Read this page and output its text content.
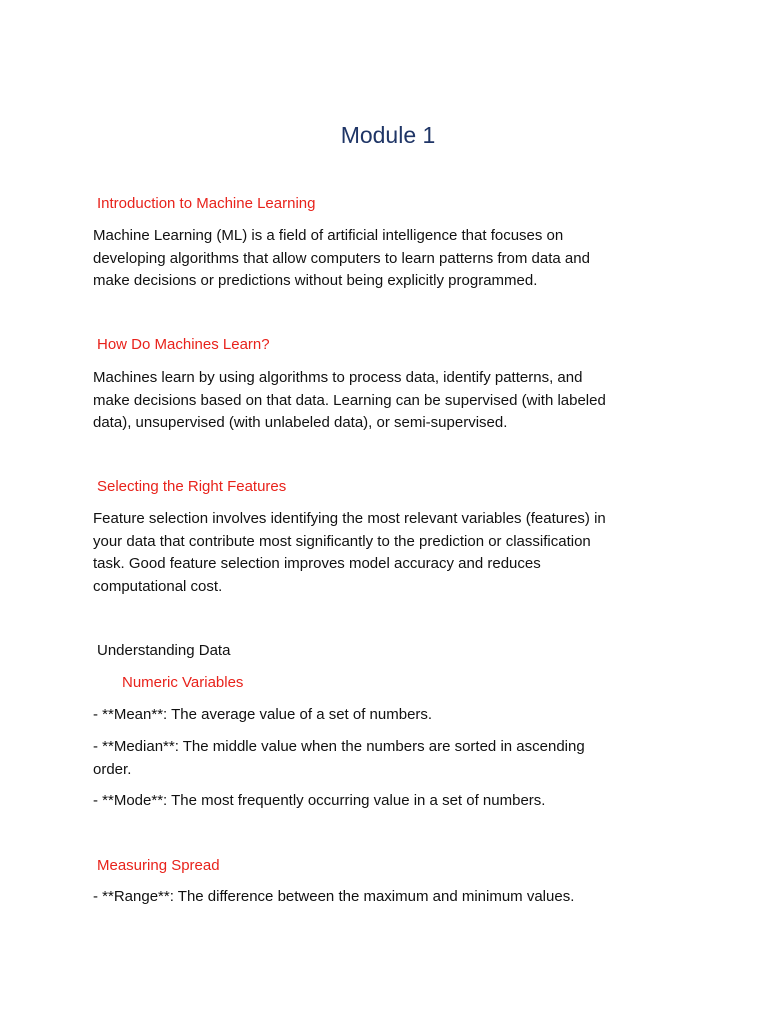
Module 1
Introduction to Machine Learning
Machine Learning (ML) is a field of artificial intelligence that focuses on
developing algorithms that allow computers to learn patterns from data and
make decisions or predictions without being explicitly programmed.
How Do Machines Learn?
Machines learn by using algorithms to process data, identify patterns, and
make decisions based on that data. Learning can be supervised (with labeled
data), unsupervised (with unlabeled data), or semi-supervised.
Selecting the Right Features
Feature selection involves identifying the most relevant variables (features) in
your data that contribute most significantly to the prediction or classification
task. Good feature selection improves model accuracy and reduces
computational cost.
Understanding Data
Numeric Variables
- **Mean**: The average value of a set of numbers.
- **Median**: The middle value when the numbers are sorted in ascending
order.
- **Mode**: The most frequently occurring value in a set of numbers.
Measuring Spread
- **Range**: The difference between the maximum and minimum values.
